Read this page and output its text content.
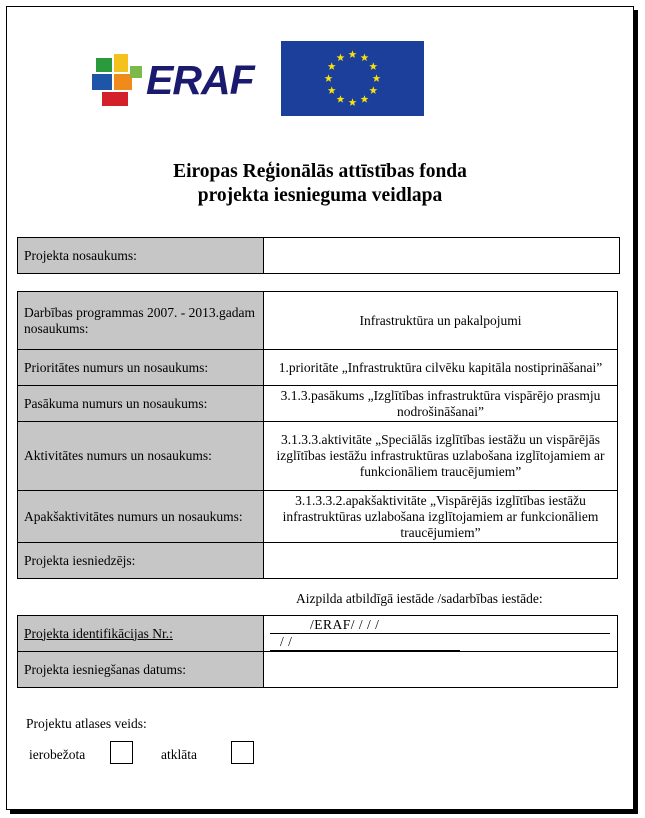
ERAF
Eiropas Reģionālās attīstības fonda
projekta iesnieguma veidlapa
Projekta nosaukums:	
Darbības programmas 2007. - 2013.gadam nosaukums:	Infrastruktūra un pakalpojumi
Prioritātes numurs un nosaukums:	1.prioritāte „Infrastruktūra cilvēku kapitāla nostiprināšanai”
Pasākuma numurs un nosaukums:	3.1.3.pasākums „Izglītības infrastruktūra vispārējo prasmju nodrošināšanai”
Aktivitātes numurs un nosaukums:	3.1.3.3.aktivitāte „Speciālās izglītības iestāžu un vispārējās izglītības iestāžu infrastruktūras uzlabošana izglītojamiem ar funkcionāliem traucējumiem”
Apakšaktivitātes numurs un nosaukums:	3.1.3.3.2.apakšaktivitāte „Vispārējās izglītības iestāžu infrastruktūras uzlabošana izglītojamiem ar funkcionāliem traucējumiem”
Projekta iesniedzējs:	
Aizpilda atbildīgā iestāde /sadarbības iestāde:
Projekta identifikācijas Nr.:	/ERAF/ / / /
/ /

Projekta iesniegšanas datums:	
Projektu atlases veids:
ierobežota	atklāta
